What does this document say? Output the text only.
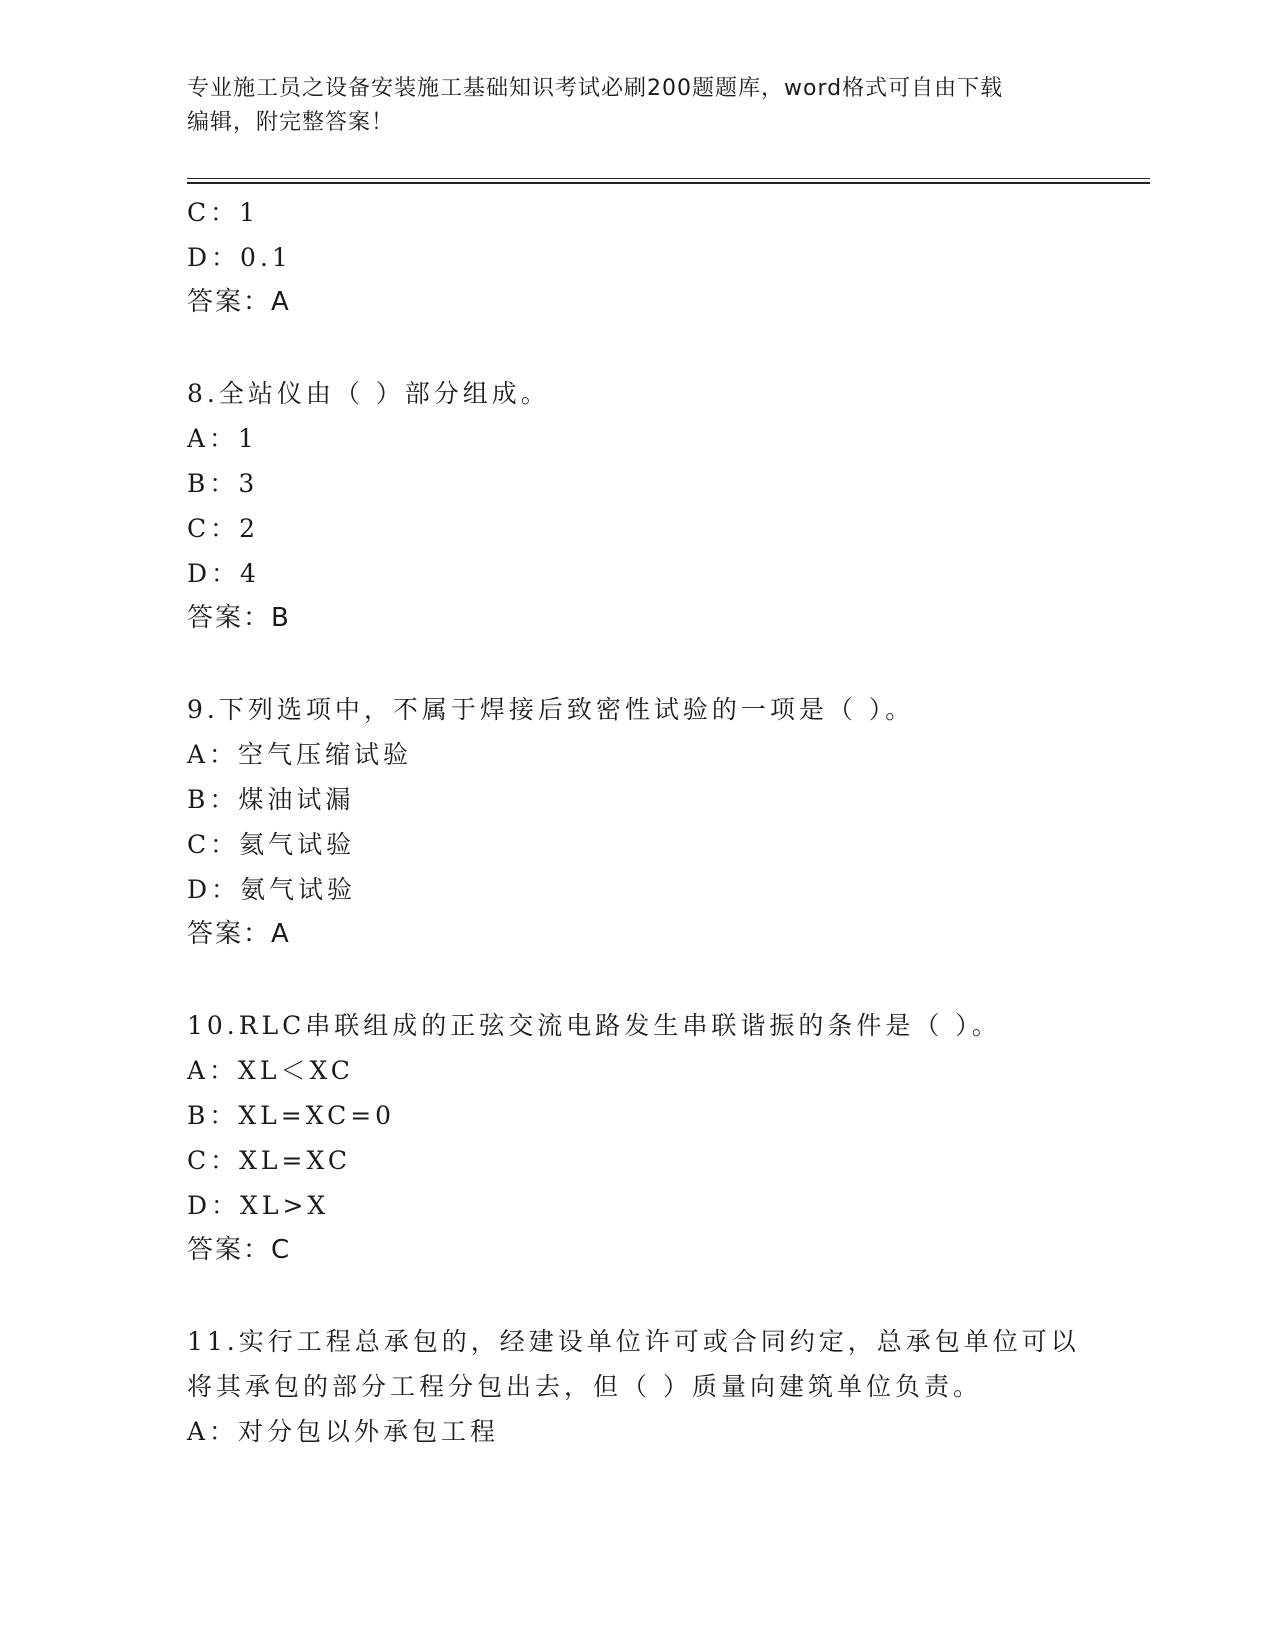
专业施工员之设备安装施工基础知识考试必刷200题题库，word格式可自由下载
编辑，附完整答案！
C：1
D：0.1
答案：A
8.全站仪由（ ）部分组成。
A：1
B：3
C：2
D：4
答案：B
9.下列选项中，不属于焊接后致密性试验的一项是（ ）。
A：空气压缩试验
B：煤油试漏
C：氦气试验
D：氨气试验
答案：A
10.RLC串联组成的正弦交流电路发生串联谐振的条件是（ ）。
A：XL＜XC
B：XL=XC=0
C：XL=XC
D：XL>X
答案：C
11.实行工程总承包的，经建设单位许可或合同约定，总承包单位可以
将其承包的部分工程分包出去，但（ ）质量向建筑单位负责。
A：对分包以外承包工程
